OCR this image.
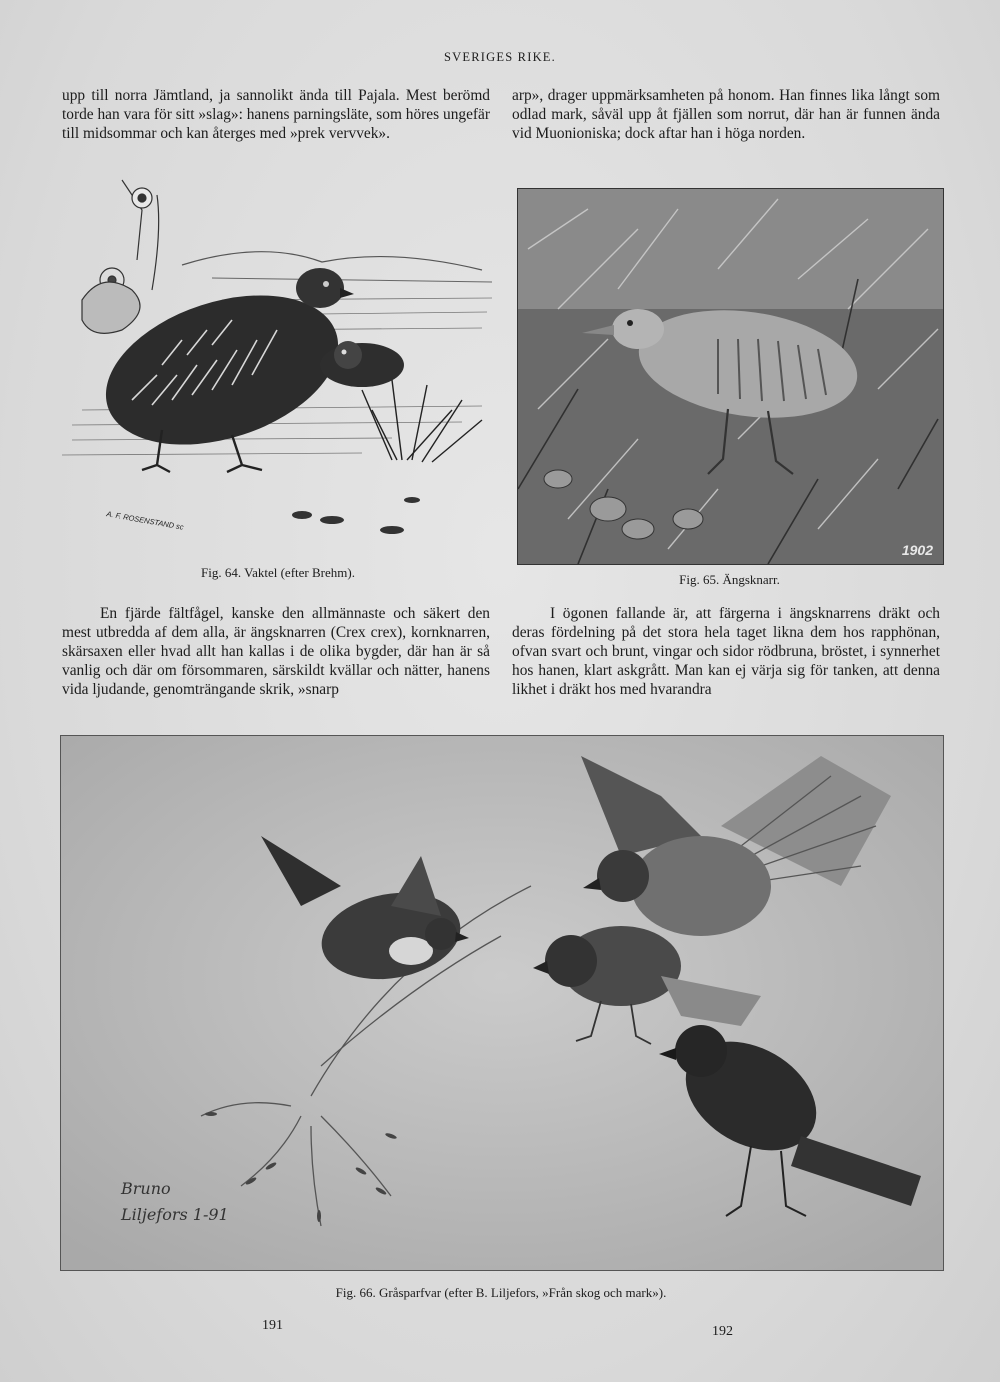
SVERIGES RIKE.

upp till norra Jämtland, ja sannolikt ända till Pajala. Mest berömd torde han vara för sitt »slag»: hanens parningsläte, som höres ungefär till midsommar och kan återges med »prek vervvek».

arp», drager uppmärksamheten på honom. Han finnes lika långt som odlad mark, såväl upp åt fjällen som norrut, där han är funnen ända vid Muonioniska; dock aftar han i höga norden.

A. F. ROSENSTAND sc
Fig. 64. Vaktel (efter Brehm).
1902
Fig. 65. Ängsknarr.

En fjärde fältfågel, kanske den allmännaste och säkert den mest utbredda af dem alla, är ängsknarren (Crex crex), kornknarren, skärsaxen eller hvad allt han kallas i de olika bygder, där han är så vanlig och där om försommaren, särskildt kvällar och nätter, hanens vida ljudande, genomträngande skrik, »snarp

I ögonen fallande är, att färgerna i ängsknarrens dräkt och deras fördelning på det stora hela taget likna dem hos rapphönan, ofvan svart och brunt, vingar och sidor rödbruna, bröstet, i synnerhet hos hanen, klart askgrått. Man kan ej värja sig för tanken, att denna likhet i dräkt hos med hvarandra

Bruno Liljefors 1-91
Fig. 66. Gråsparfvar (efter B. Liljefors, »Från skog och mark»).
191	192
